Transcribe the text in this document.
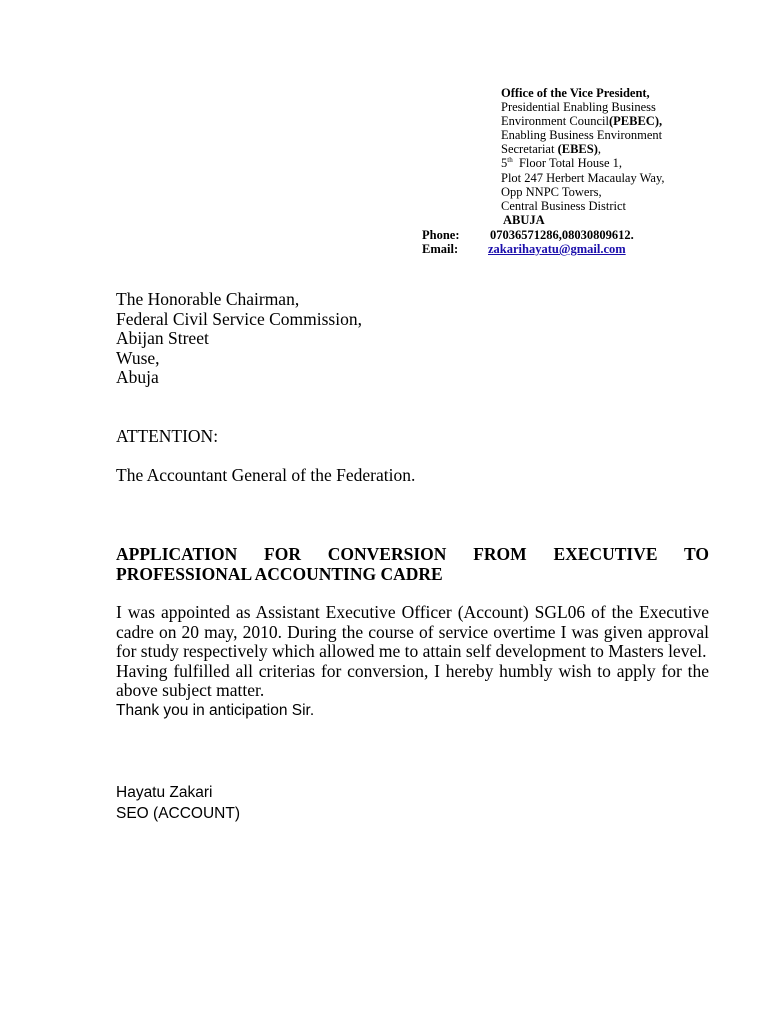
Office of the Vice President,
Presidential Enabling Business
Environment Council(PEBEC),
Enabling Business Environment
Secretariat (EBES),
5th  Floor Total House 1,
Plot 247 Herbert Macaulay Way,
Opp NNPC Towers,
Central Business District
ABUJA
Phone: 07036571286,08030809612.
Email: zakarihayatu@gmail.com
The Honorable Chairman,
Federal Civil Service Commission,
Abijan Street
Wuse,
Abuja
ATTENTION:
The Accountant General of the Federation.
APPLICATION FOR CONVERSION FROM EXECUTIVE TO
PROFESSIONAL ACCOUNTING CADRE
I was appointed as Assistant Executive Officer (Account) SGL06 of the Executive cadre on 20 may, 2010. During the course of service overtime I was given approval for study respectively which allowed me to attain self development to Masters level.
Having fulfilled all criterias for conversion, I hereby humbly wish to apply for the above subject matter.
Thank you in anticipation Sir.
Hayatu Zakari
SEO (ACCOUNT)
